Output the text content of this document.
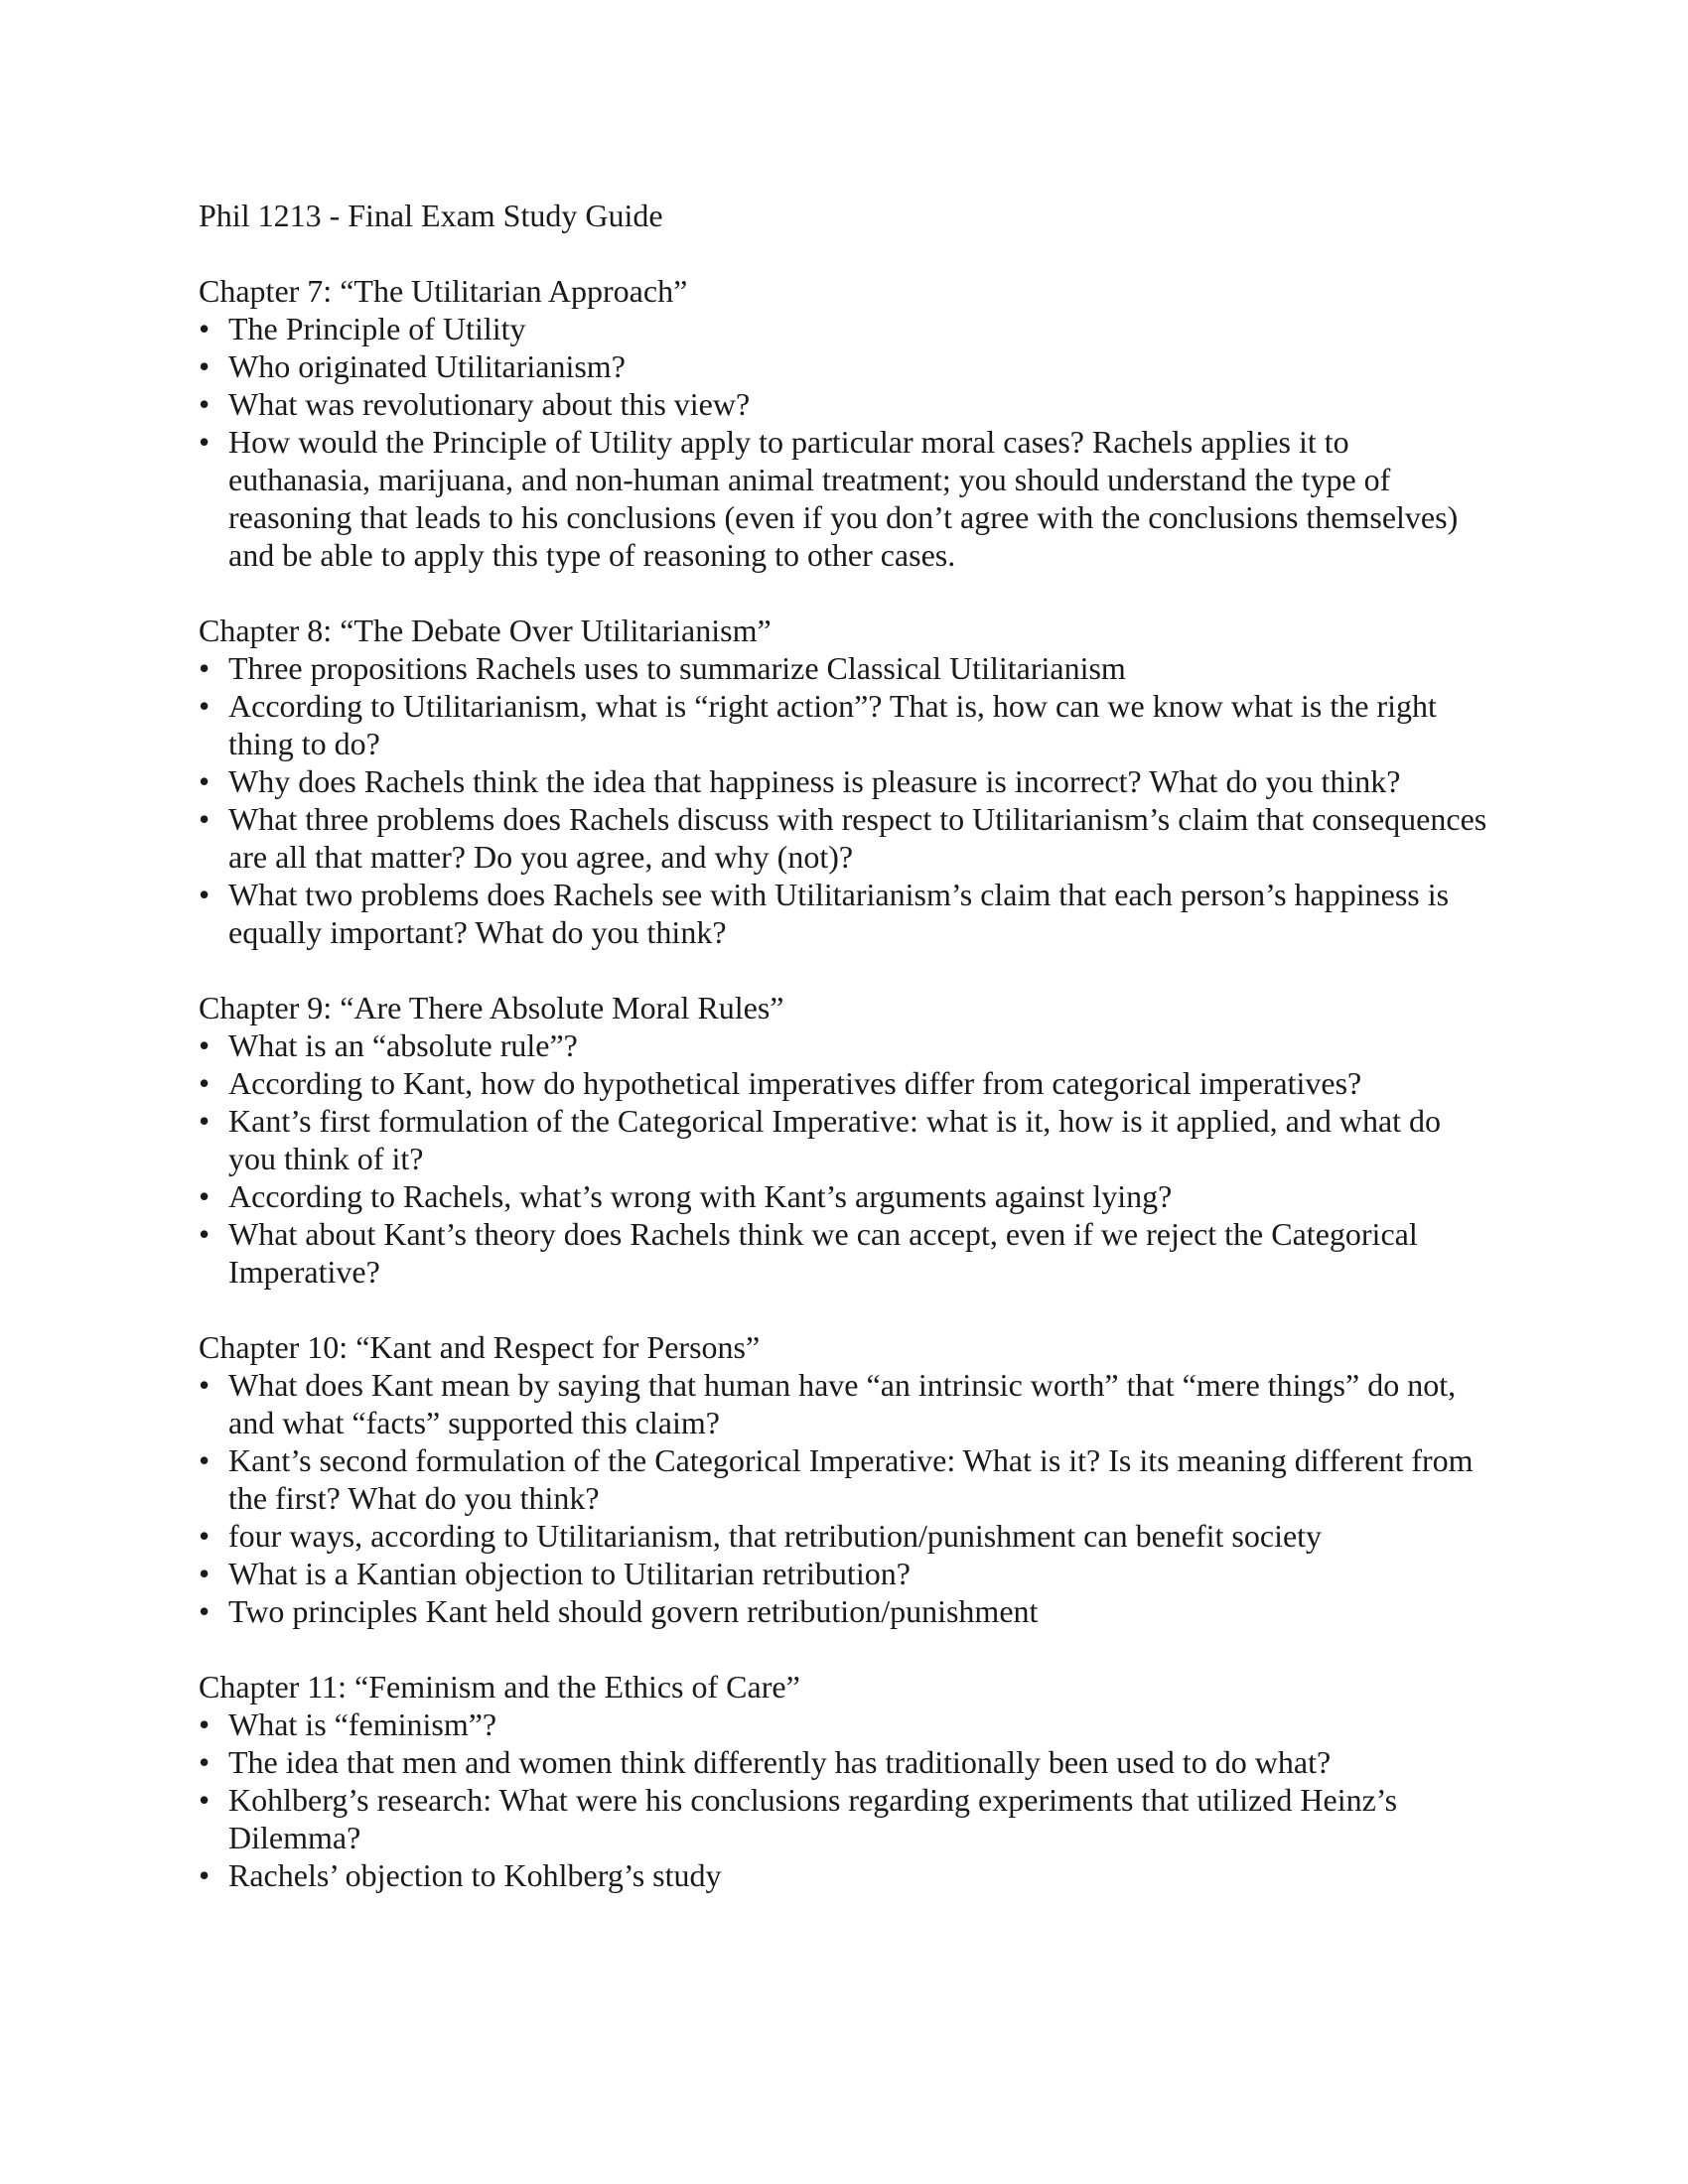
Phil 1213 - Final Exam Study Guide
Chapter 7: “The Utilitarian Approach”
• The Principle of Utility
• Who originated Utilitarianism?
• What was revolutionary about this view?
• How would the Principle of Utility apply to particular moral cases? Rachels applies it to euthanasia, marijuana, and non-human animal treatment; you should understand the type of reasoning that leads to his conclusions (even if you don’t agree with the conclusions themselves) and be able to apply this type of reasoning to other cases.
Chapter 8: “The Debate Over Utilitarianism”
• Three propositions Rachels uses to summarize Classical Utilitarianism
• According to Utilitarianism, what is “right action”? That is, how can we know what is the right thing to do?
• Why does Rachels think the idea that happiness is pleasure is incorrect? What do you think?
• What three problems does Rachels discuss with respect to Utilitarianism’s claim that consequences are all that matter? Do you agree, and why (not)?
• What two problems does Rachels see with Utilitarianism’s claim that each person’s happiness is equally important? What do you think?
Chapter 9: “Are There Absolute Moral Rules”
• What is an “absolute rule”?
• According to Kant, how do hypothetical imperatives differ from categorical imperatives?
• Kant’s first formulation of the Categorical Imperative: what is it, how is it applied, and what do you think of it?
• According to Rachels, what’s wrong with Kant’s arguments against lying?
• What about Kant’s theory does Rachels think we can accept, even if we reject the Categorical Imperative?
Chapter 10: “Kant and Respect for Persons”
• What does Kant mean by saying that human have “an intrinsic worth” that “mere things” do not, and what “facts” supported this claim?
• Kant’s second formulation of the Categorical Imperative: What is it? Is its meaning different from the first? What do you think?
• four ways, according to Utilitarianism, that retribution/punishment can benefit society
• What is a Kantian objection to Utilitarian retribution?
• Two principles Kant held should govern retribution/punishment
Chapter 11: “Feminism and the Ethics of Care”
• What is “feminism”?
• The idea that men and women think differently has traditionally been used to do what?
• Kohlberg’s research: What were his conclusions regarding experiments that utilized Heinz’s Dilemma?
• Rachels’ objection to Kohlberg’s study
